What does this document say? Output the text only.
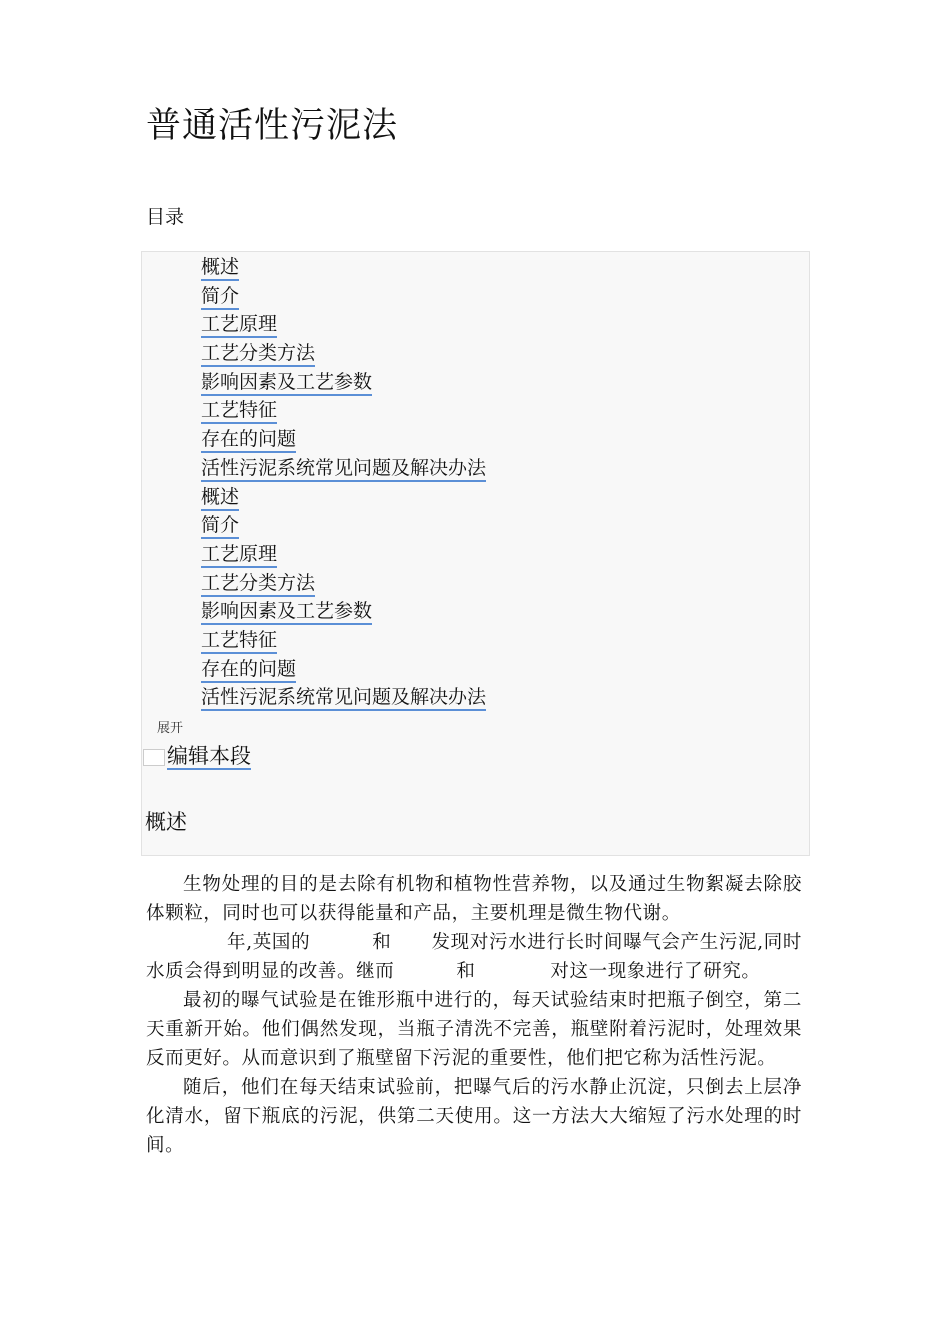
普通活性污泥法
目录
概述
简介
工艺原理
工艺分类方法
影响因素及工艺参数
工艺特征
存在的问题
活性污泥系统常见问题及解决办法
概述
简介
工艺原理
工艺分类方法
影响因素及工艺参数
工艺特征
存在的问题
活性污泥系统常见问题及解决办法
展开
编辑本段
概述

生物处理的目的是去除有机物和植物性营养物，以及通过生物絮凝去除胶体颗粒，同时也可以获得能量和产品，主要机理是微生物代谢。

年,英国的	和 发现对污水进行长时间曝气会产生污泥,同时水质会得到明显的改善。继而	和	对这一现象进行了研究。

最初的曝气试验是在锥形瓶中进行的，每天试验结束时把瓶子倒空，第二天重新开始。他们偶然发现，当瓶子清洗不完善，瓶壁附着污泥时，处理效果反而更好。从而意识到了瓶壁留下污泥的重要性，他们把它称为活性污泥。

随后，他们在每天结束试验前，把曝气后的污水静止沉淀，只倒去上层净化清水，留下瓶底的污泥，供第二天使用。这一方法大大缩短了污水处理的时间。
